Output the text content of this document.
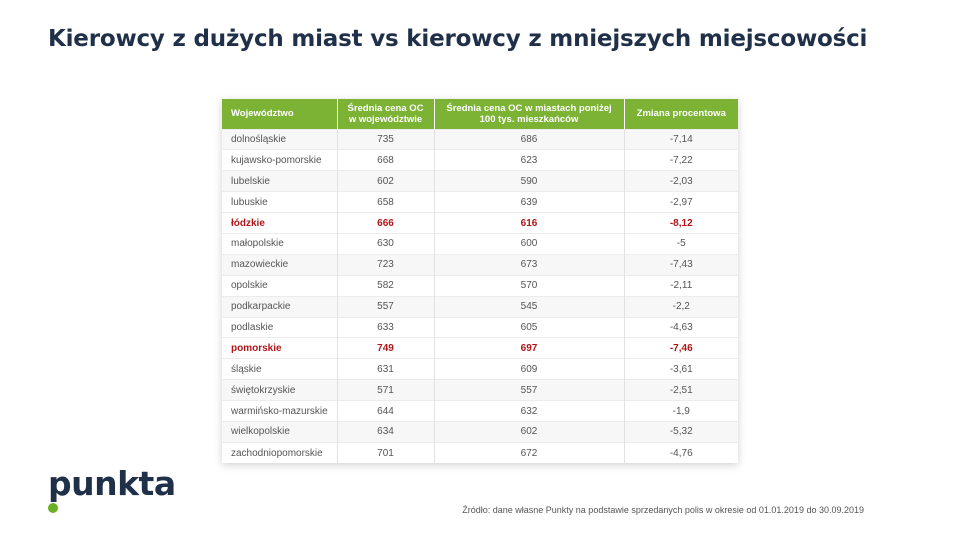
Kierowcy z dużych miast vs kierowcy z mniejszych miejscowości
Województwo	Średnia cena OC w województwie	Średnia cena OC w miastach poniżej 100 tys. mieszkańców	Zmiana procentowa
dolnośląskie	735	686	-7,14
kujawsko-pomorskie	668	623	-7,22
lubelskie	602	590	-2,03
lubuskie	658	639	-2,97
łódzkie	666	616	-8,12
małopolskie	630	600	-5
mazowieckie	723	673	-7,43
opolskie	582	570	-2,11
podkarpackie	557	545	-2,2
podlaskie	633	605	-4,63
pomorskie	749	697	-7,46
śląskie	631	609	-3,61
świętokrzyskie	571	557	-2,51
warmińsko-mazurskie	644	632	-1,9
wielkopolskie	634	602	-5,32
zachodniopomorskie	701	672	-4,76
punkta
Źródło: dane własne Punkty na podstawie sprzedanych polis w okresie od 01.01.2019 do 30.09.2019
